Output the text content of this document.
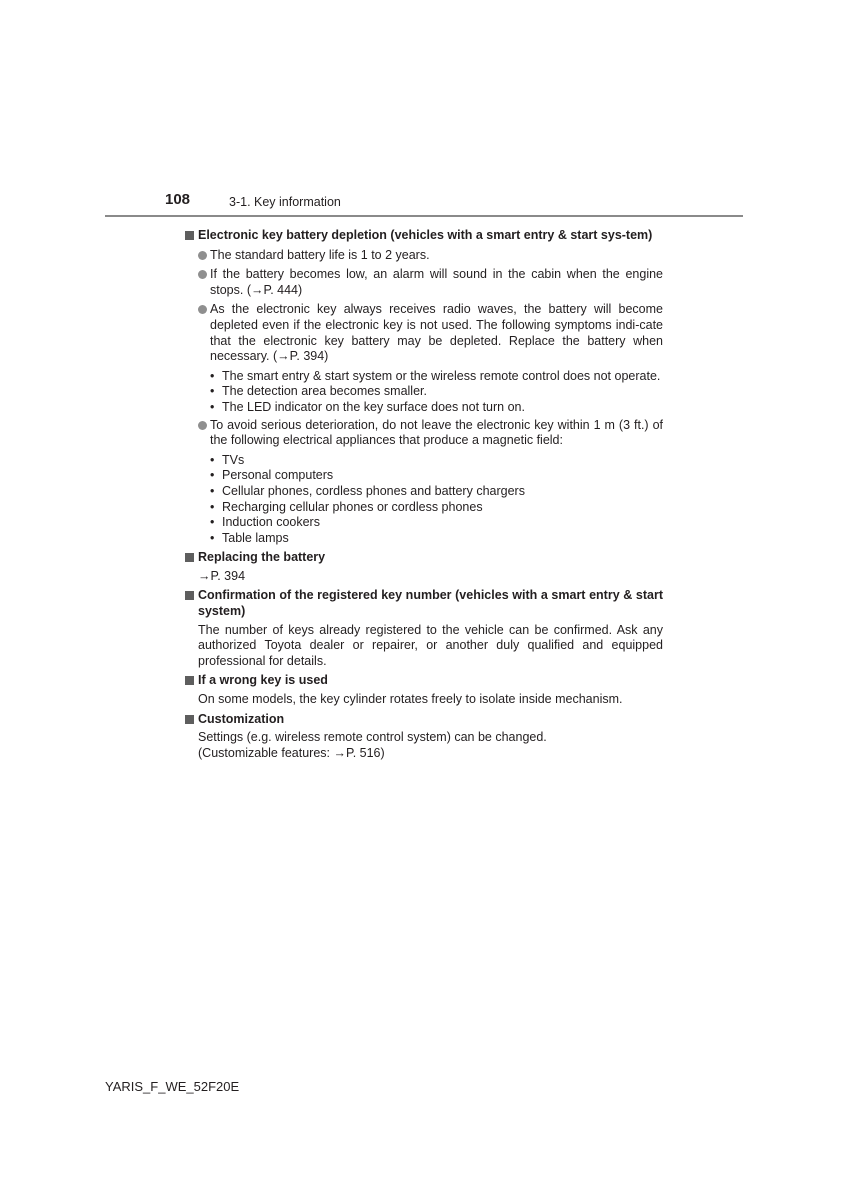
108	3-1. Key information
Electronic key battery depletion (vehicles with a smart entry & start sys-tem)
The standard battery life is 1 to 2 years.
If the battery becomes low, an alarm will sound in the cabin when the engine stops. (→P. 444)
As the electronic key always receives radio waves, the battery will become depleted even if the electronic key is not used. The following symptoms indi-cate that the electronic key battery may be depleted. Replace the battery when necessary. (→P. 394)
• The smart entry & start system or the wireless remote control does not operate.
• The detection area becomes smaller.
• The LED indicator on the key surface does not turn on.
To avoid serious deterioration, do not leave the electronic key within 1 m (3 ft.) of the following electrical appliances that produce a magnetic field:
• TVs
• Personal computers
• Cellular phones, cordless phones and battery chargers
• Recharging cellular phones or cordless phones
• Induction cookers
• Table lamps
Replacing the battery
→P. 394
Confirmation of the registered key number (vehicles with a smart entry & start system)
The number of keys already registered to the vehicle can be confirmed. Ask any authorized Toyota dealer or repairer, or another duly qualified and equipped professional for details.
If a wrong key is used
On some models, the key cylinder rotates freely to isolate inside mechanism.
Customization
Settings (e.g. wireless remote control system) can be changed.
(Customizable features: →P. 516)
YARIS_F_WE_52F20E
